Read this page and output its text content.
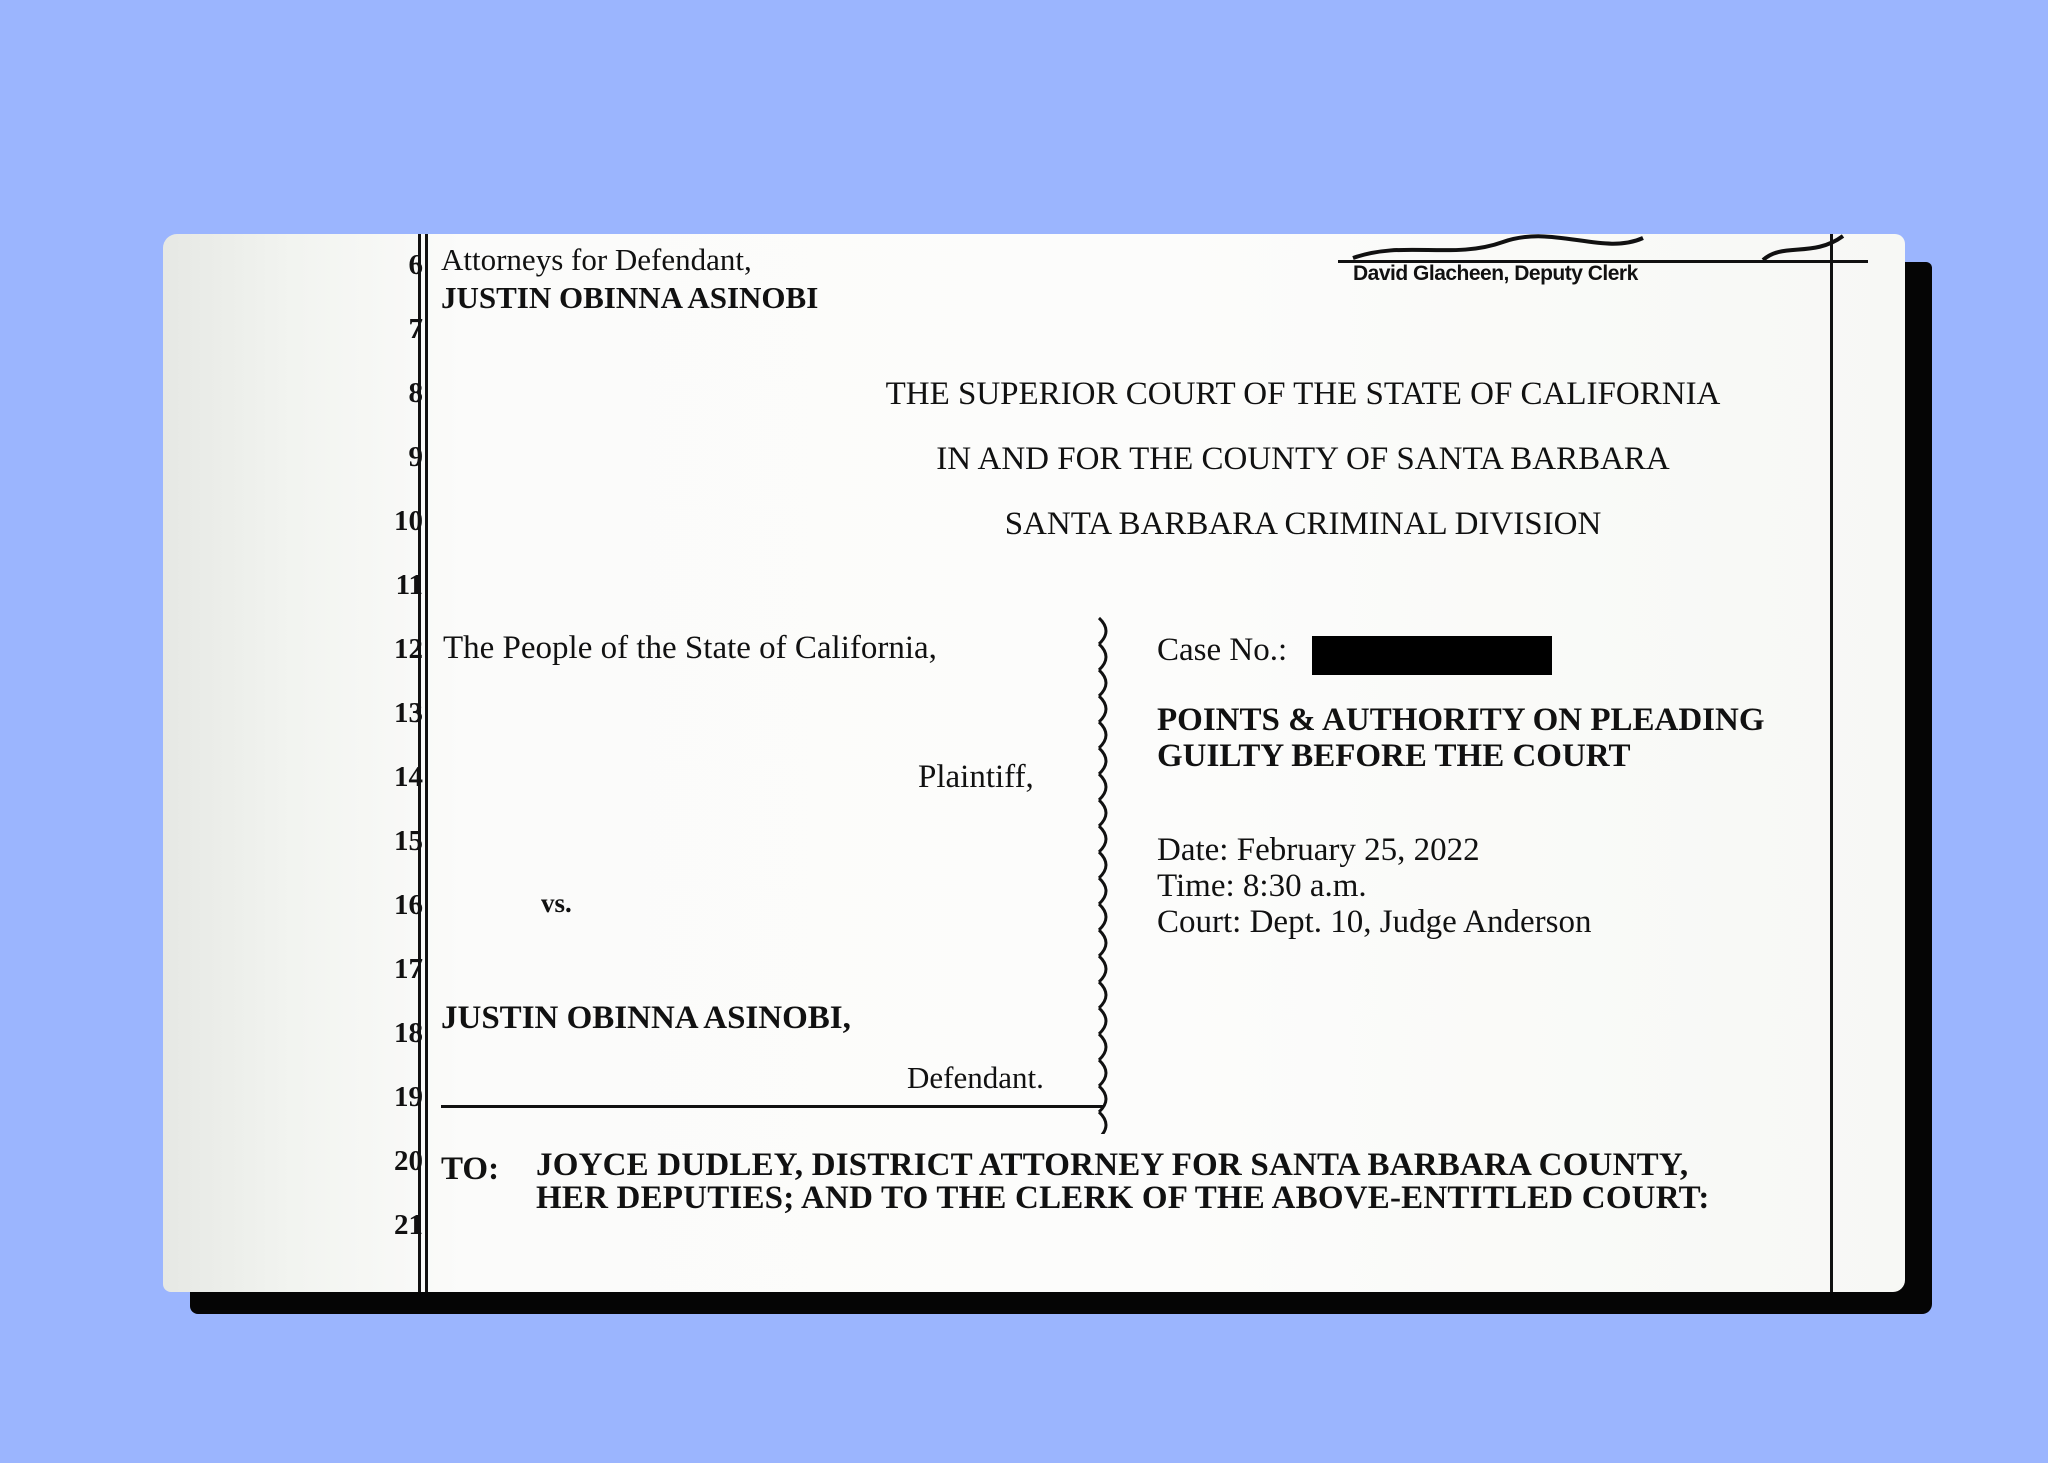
6
7
8
9
10
11
12
13
14
15
16
17
18
19
20
21
Attorneys for Defendant,
JUSTIN OBINNA ASINOBI
David Glacheen, Deputy Clerk
THE SUPERIOR COURT OF THE STATE OF CALIFORNIA
IN AND FOR THE COUNTY OF SANTA BARBARA
SANTA BARBARA CRIMINAL DIVISION
The People of the State of California,
Plaintiff,
vs.
JUSTIN OBINNA ASINOBI,
Defendant.
Case No.:
POINTS & AUTHORITY ON PLEADING
GUILTY BEFORE THE COURT
Date: February 25, 2022
Time: 8:30 a.m.
Court: Dept. 10, Judge Anderson
TO: JOYCE DUDLEY, DISTRICT ATTORNEY FOR SANTA BARBARA COUNTY,
HER DEPUTIES; AND TO THE CLERK OF THE ABOVE-ENTITLED COURT:
